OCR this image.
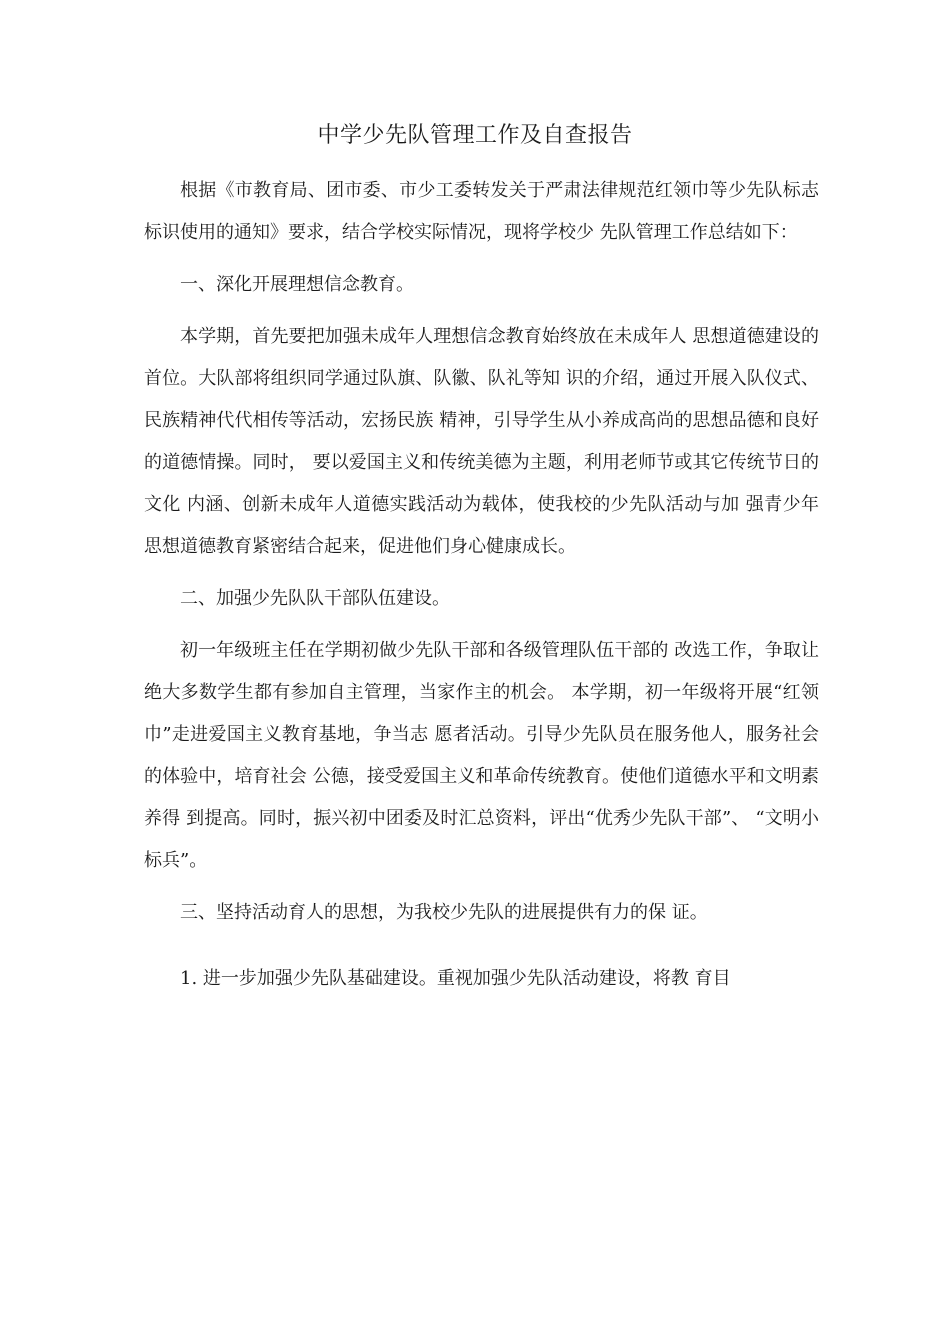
中学少先队管理工作及自查报告

根据《市教育局、团市委、市少工委转发关于严肃法律规范红领巾等少先队标志标识使用的通知》要求，结合学校实际情况，现将学校少 先队管理工作总结如下：

一、深化开展理想信念教育。

本学期，首先要把加强未成年人理想信念教育始终放在未成年人 思想道德建设的首位。大队部将组织同学通过队旗、队徽、队礼等知 识的介绍，通过开展入队仪式、民族精神代代相传等活动，宏扬民族 精神，引导学生从小养成高尚的思想品德和良好的道德情操。同时， 要以爱国主义和传统美德为主题，利用老师节或其它传统节日的文化 内涵、创新未成年人道德实践活动为载体，使我校的少先队活动与加 强青少年思想道德教育紧密结合起来，促进他们身心健康成长。

二、加强少先队队干部队伍建设。

初一年级班主任在学期初做少先队干部和各级管理队伍干部的 改选工作，争取让绝大多数学生都有参加自主管理，当家作主的机会。 本学期，初一年级将开展“红领巾”走进爱国主义教育基地，争当志 愿者活动。引导少先队员在服务他人，服务社会的体验中，培育社会 公德，接受爱国主义和革命传统教育。使他们道德水平和文明素养得 到提高。同时，振兴初中团委及时汇总资料，评出“优秀少先队干部”、 “文明小标兵”。

三、坚持活动育人的思想，为我校少先队的进展提供有力的保 证。

1. 进一步加强少先队基础建设。重视加强少先队活动建设，将教 育目
